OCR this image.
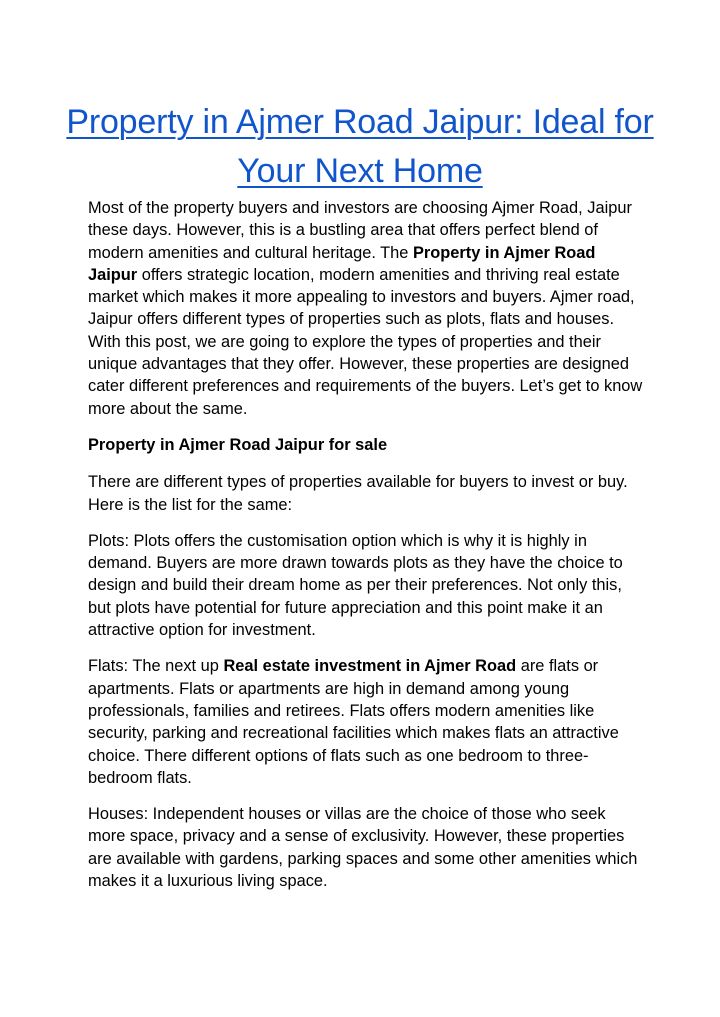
Property in Ajmer Road Jaipur: Ideal for Your Next Home

Most of the property buyers and investors are choosing Ajmer Road, Jaipur these days. However, this is a bustling area that offers perfect blend of modern amenities and cultural heritage. The Property in Ajmer Road Jaipur offers strategic location, modern amenities and thriving real estate market which makes it more appealing to investors and buyers. Ajmer road, Jaipur offers different types of properties such as plots, flats and houses. With this post, we are going to explore the types of properties and their unique advantages that they offer. However, these properties are designed cater different preferences and requirements of the buyers. Let’s get to know more about the same.

Property in Ajmer Road Jaipur for sale

There are different types of properties available for buyers to invest or buy. Here is the list for the same:

Plots: Plots offers the customisation option which is why it is highly in demand. Buyers are more drawn towards plots as they have the choice to design and build their dream home as per their preferences. Not only this, but plots have potential for future appreciation and this point make it an attractive option for investment.

Flats: The next up Real estate investment in Ajmer Road are flats or apartments. Flats or apartments are high in demand among young professionals, families and retirees. Flats offers modern amenities like security, parking and recreational facilities which makes flats an attractive choice. There different options of flats such as one bedroom to three-bedroom flats.

Houses: Independent houses or villas are the choice of those who seek more space, privacy and a sense of exclusivity. However, these properties are available with gardens, parking spaces and some other amenities which makes it a luxurious living space.
